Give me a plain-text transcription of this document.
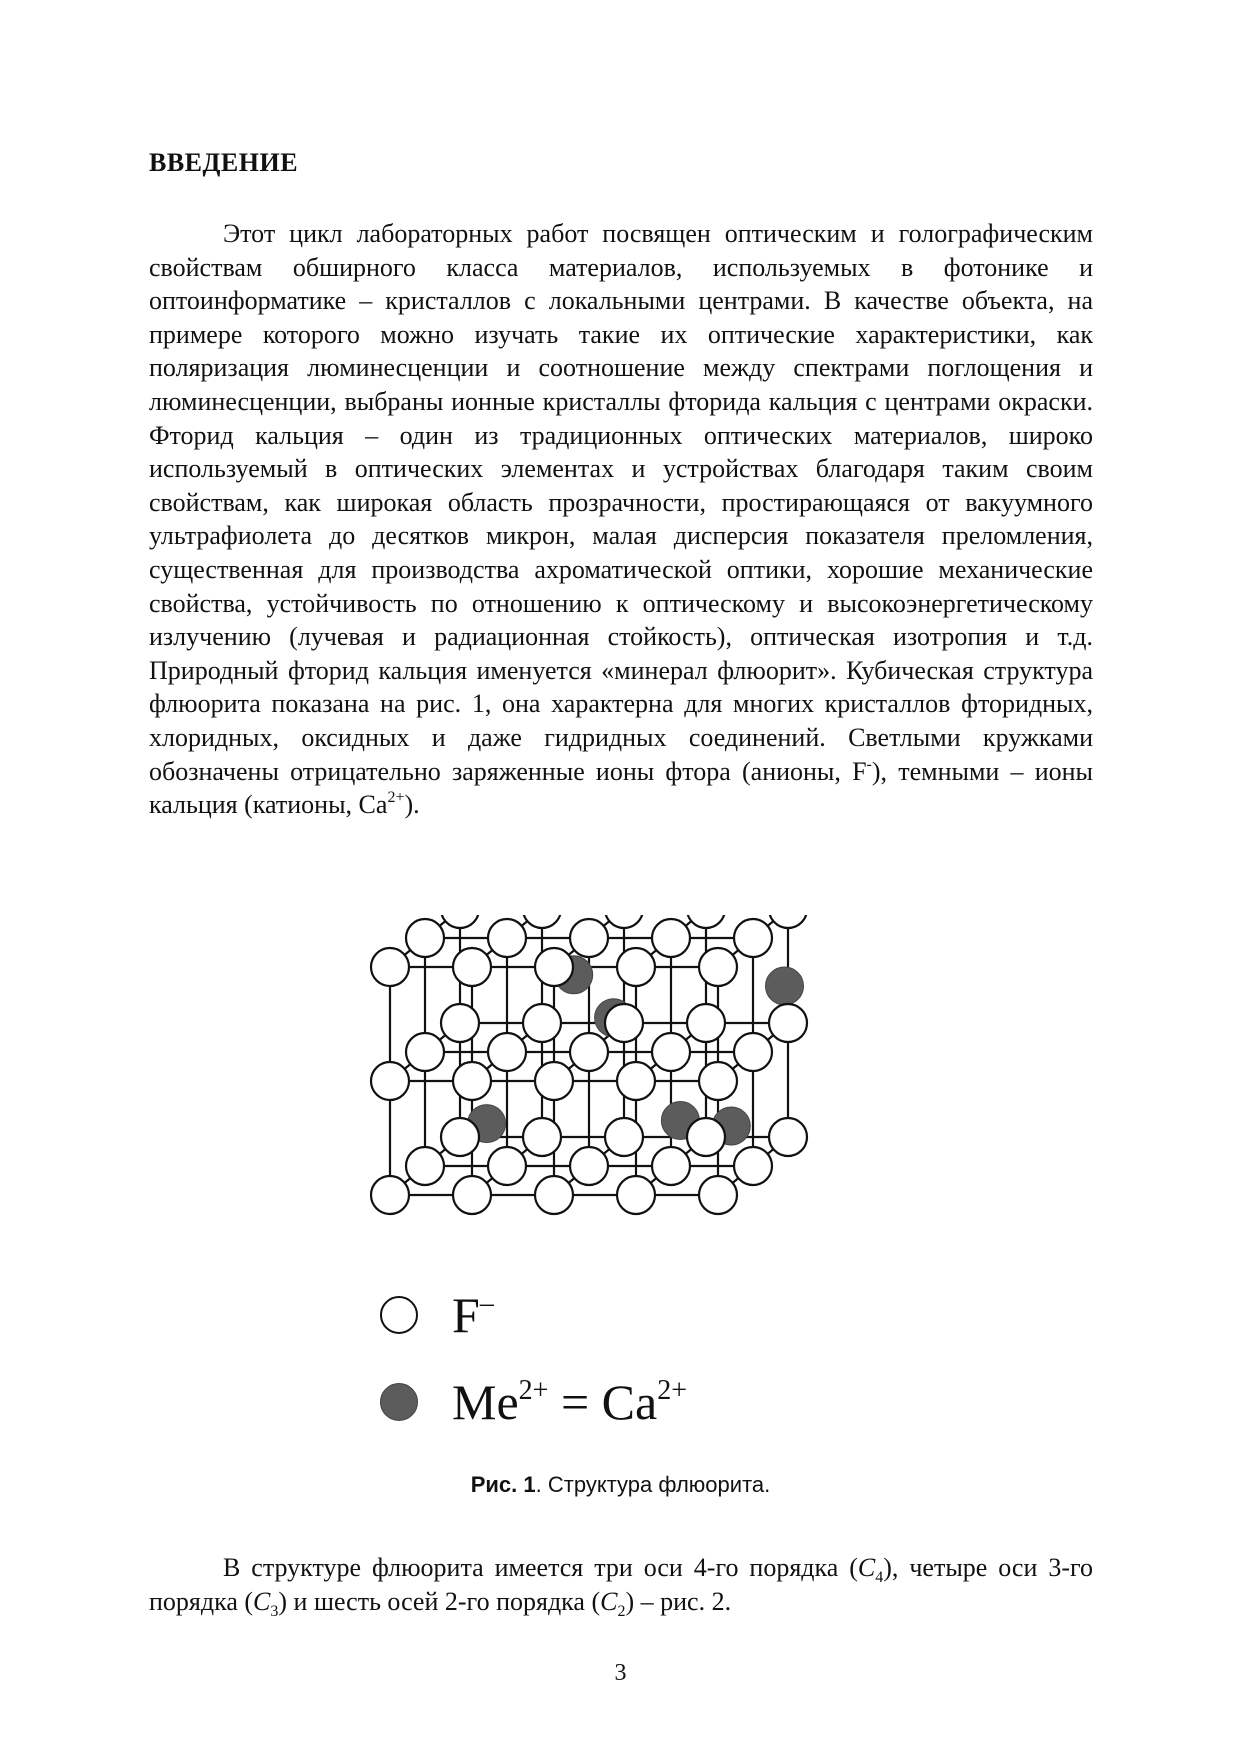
ВВЕДЕНИЕ

Этот цикл лабораторных работ посвящен оптическим и голографическим свойствам обширного класса материалов, используемых в фотонике и оптоинформатике – кристаллов с локальными центрами. В качестве объекта, на примере которого можно изучать такие их оптические характеристики, как поляризация люминесценции и соотношение между спектрами поглощения и люминесценции, выбраны ионные кристаллы фторида кальция с центрами окраски. Фторид кальция – один из традиционных оптических материалов, широко используемый в оптических элементах и устройствах благодаря таким своим свойствам, как широкая область прозрачности, простирающаяся от вакуумного ультрафиолета до десятков микрон, малая дисперсия показателя преломления, существенная для производства ахроматической оптики, хорошие механические свойства, устойчивость по отношению к оптическому и высокоэнергетическому излучению (лучевая и радиационная стойкость), оптическая изотропия и т.д. Природный фторид кальция именуется «минерал флюорит». Кубическая структура флюорита показана на рис. 1, она характерна для многих кристаллов фторидных, хлоридных, оксидных и даже гидридных соединений. Светлыми кружками обозначены отрицательно заряженные ионы фтора (анионы, F-), темными – ионы кальция (катионы, $Ca^{2+}$).

F–
$Me^{2+} = Ca^{2+}$
Рис. 1. Структура флюорита.

В структуре флюорита имеется три оси 4-го порядка $(C_4)$, четыре оси 3-го порядка $(C_3)$ и шесть осей 2-го порядка $(C_2)$ – рис. 2.

3
